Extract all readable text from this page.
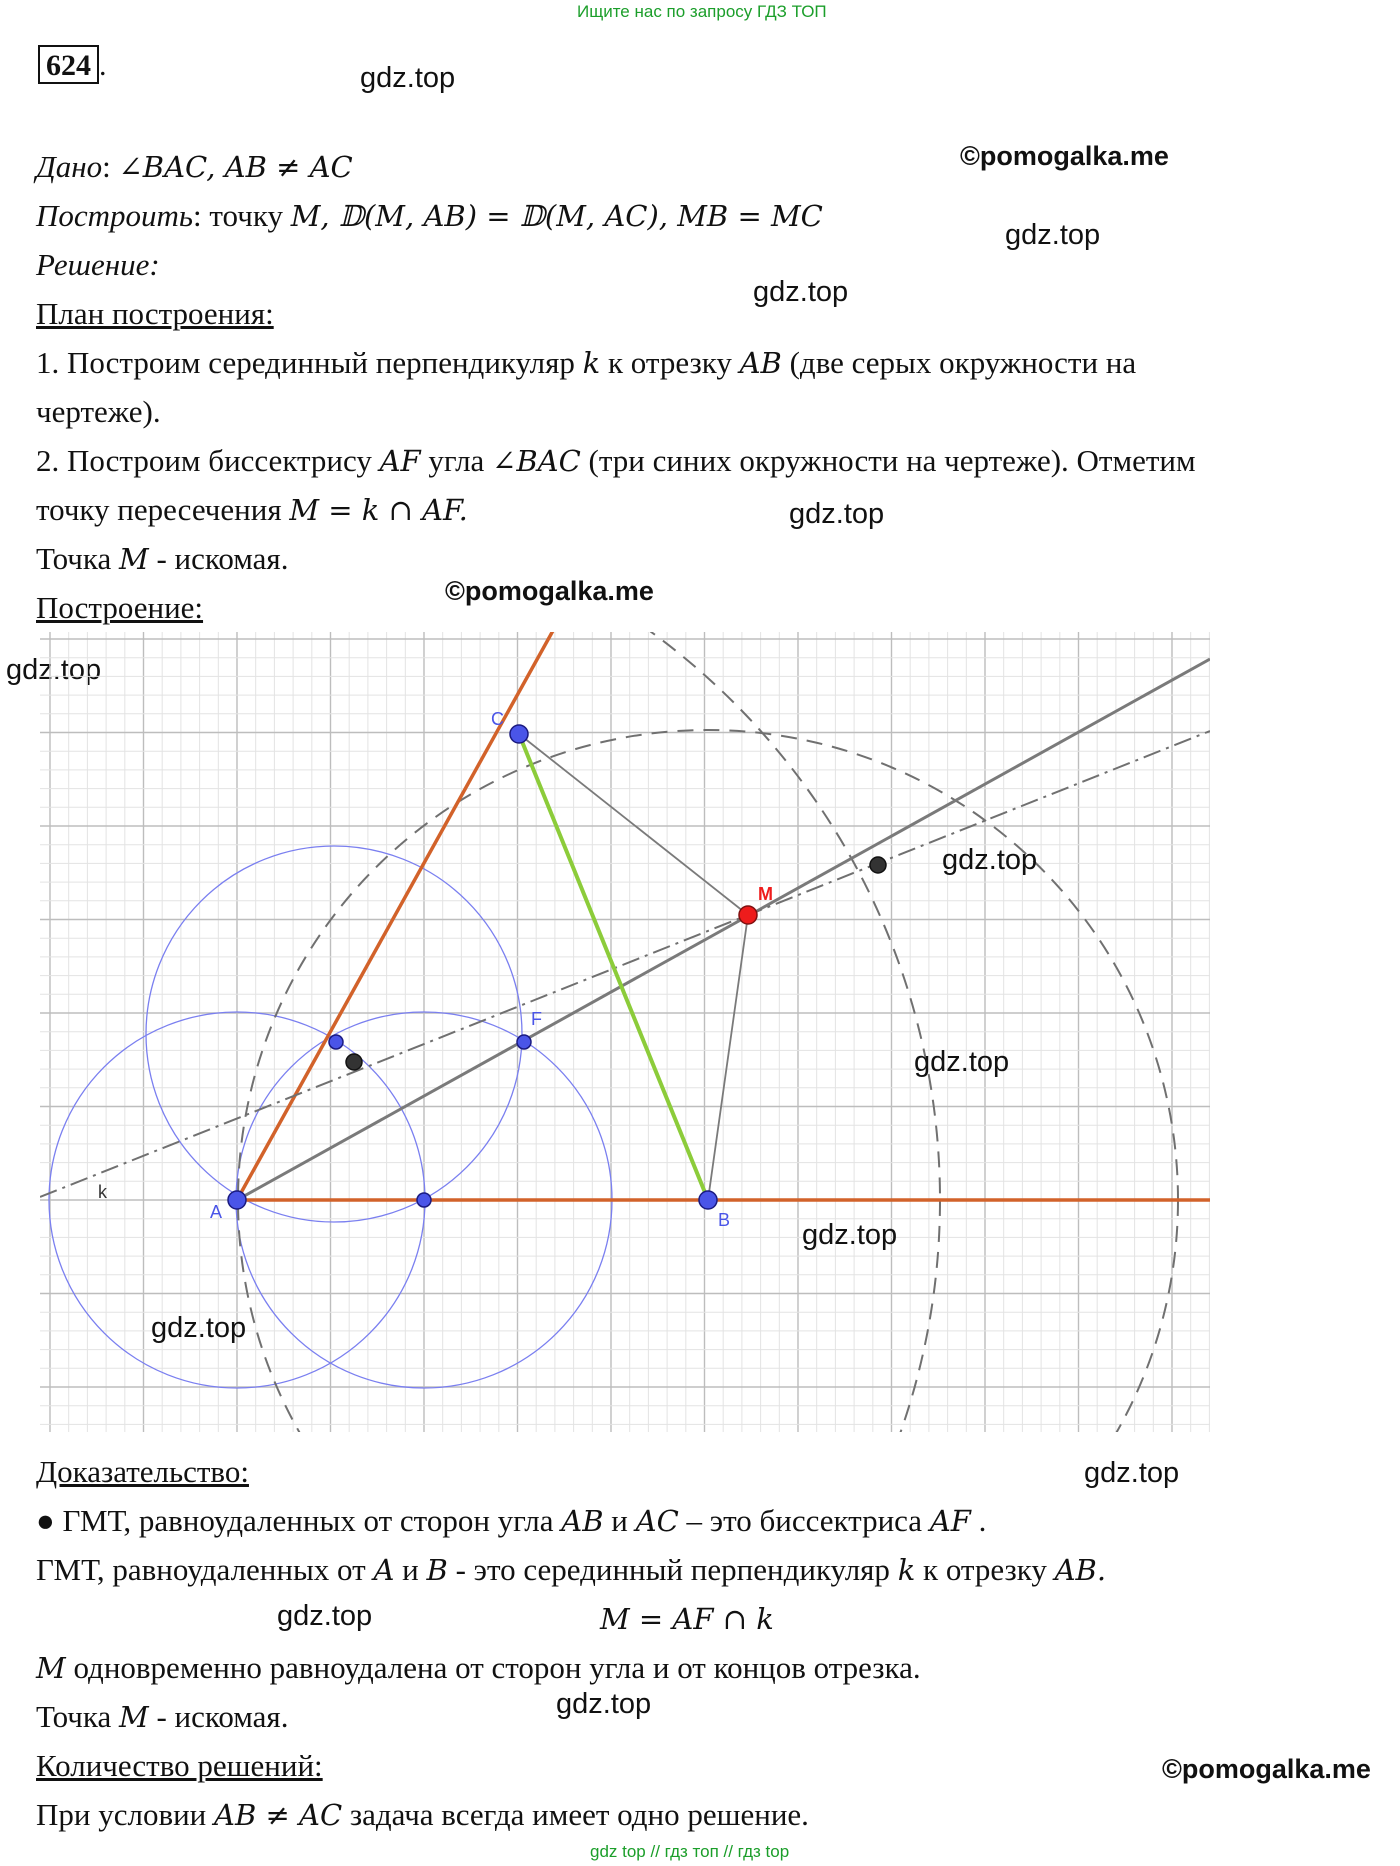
Ищите нас по запросу ГДЗ ТОП
624 .	gdz.top
©pomogalka.me
gdz.top
gdz.top
gdz.top
©pomogalka.me
gdz.top
Дано: ∠BAC, AB ≠ AC
Построить: точку M, 𝔻(M, AB) = 𝔻(M, AC), MB = MC
Решение:
План построения:
1. Построим серединный перпендикуляр k к отрезку AB (две серых окружности на
чертеже).
2. Построим биссектрису AF угла ∠BAC (три синих окружности на чертеже). Отметим
точку пересечения M = k ∩ AF.
Точка M - искомая.
Построение:
A	B
C
M
F
k
gdz.top
gdz.top
gdz.top
gdz.top
gdz.top
Доказательство:
● ГМТ, равноудаленных от сторон угла AB и AC – это биссектриса AF .
ГМТ, равноудаленных от A и B - это серединный перпендикуляр k к отрезку AB.
gdz.top	M = AF ∩ k
M одновременно равноудалена от сторон угла и от концов отрезка.
Точка M - искомая.	gdz.top
Количество решений:	©pomogalka.me
При условии AB ≠ AC задача всегда имеет одно решение.
gdz top // гдз топ // гдз top
